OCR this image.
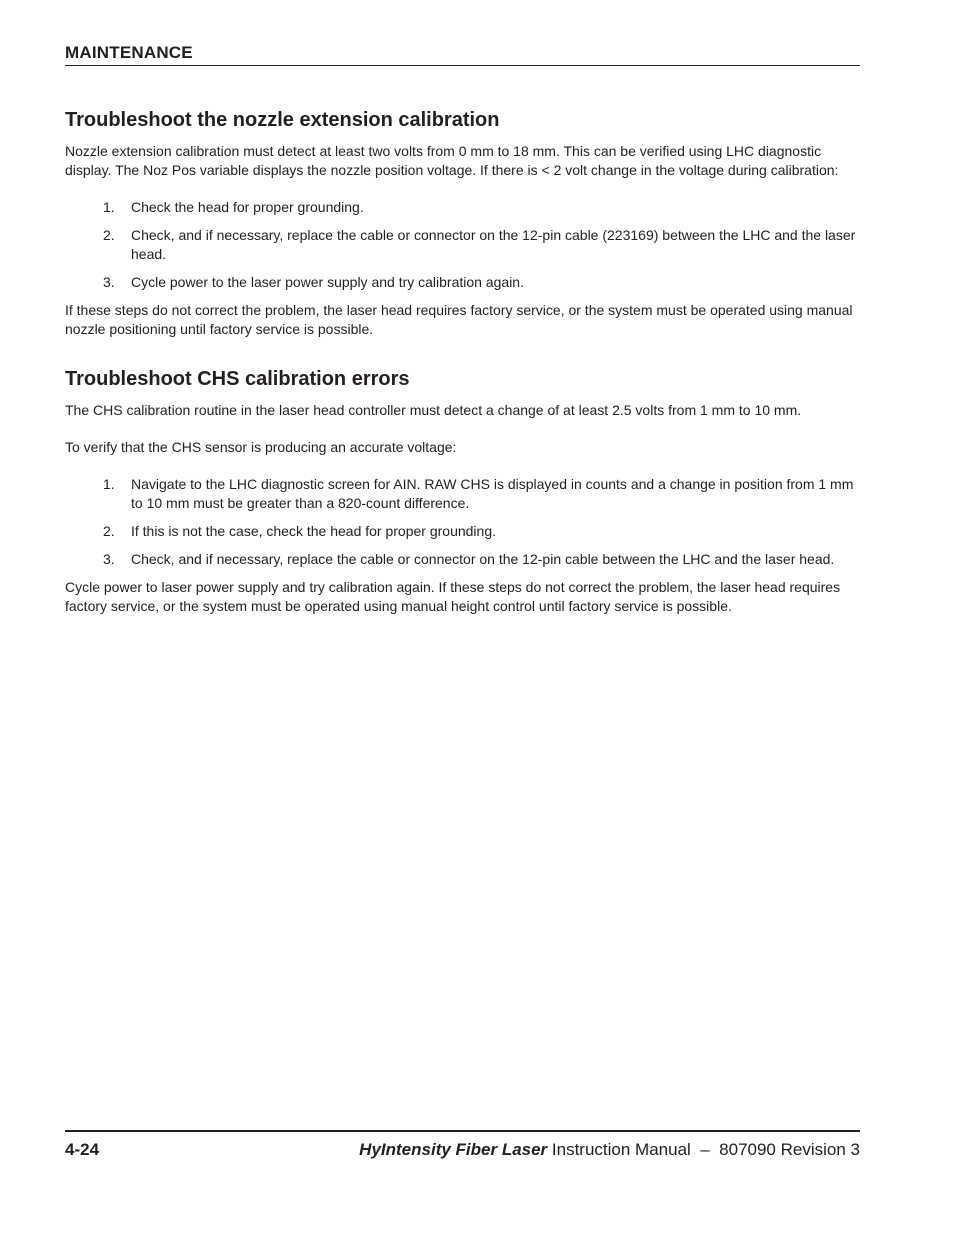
MAINTENANCE
Troubleshoot the nozzle extension calibration

Nozzle extension calibration must detect at least two volts from 0 mm to 18 mm. This can be verified using LHC diagnostic display. The Noz Pos variable displays the nozzle position voltage. If there is < 2 volt change in the voltage during calibration:

1. Check the head for proper grounding.
2. Check, and if necessary, replace the cable or connector on the 12-pin cable (223169) between the LHC and the laser head.
3. Cycle power to the laser power supply and try calibration again.

If these steps do not correct the problem, the laser head requires factory service, or the system must be operated using manual nozzle positioning until factory service is possible.

Troubleshoot CHS calibration errors

The CHS calibration routine in the laser head controller must detect a change of at least 2.5 volts from 1 mm to 10 mm.

To verify that the CHS sensor is producing an accurate voltage:

1. Navigate to the LHC diagnostic screen for AIN. RAW CHS is displayed in counts and a change in position from 1 mm to 10 mm must be greater than a 820-count difference.
2. If this is not the case, check the head for proper grounding.
3. Check, and if necessary, replace the cable or connector on the 12-pin cable between the LHC and the laser head.

Cycle power to laser power supply and try calibration again. If these steps do not correct the problem, the laser head requires factory service, or the system must be operated using manual height control until factory service is possible.

4-24	HyIntensity Fiber Laser Instruction Manual  –  807090 Revision 3
